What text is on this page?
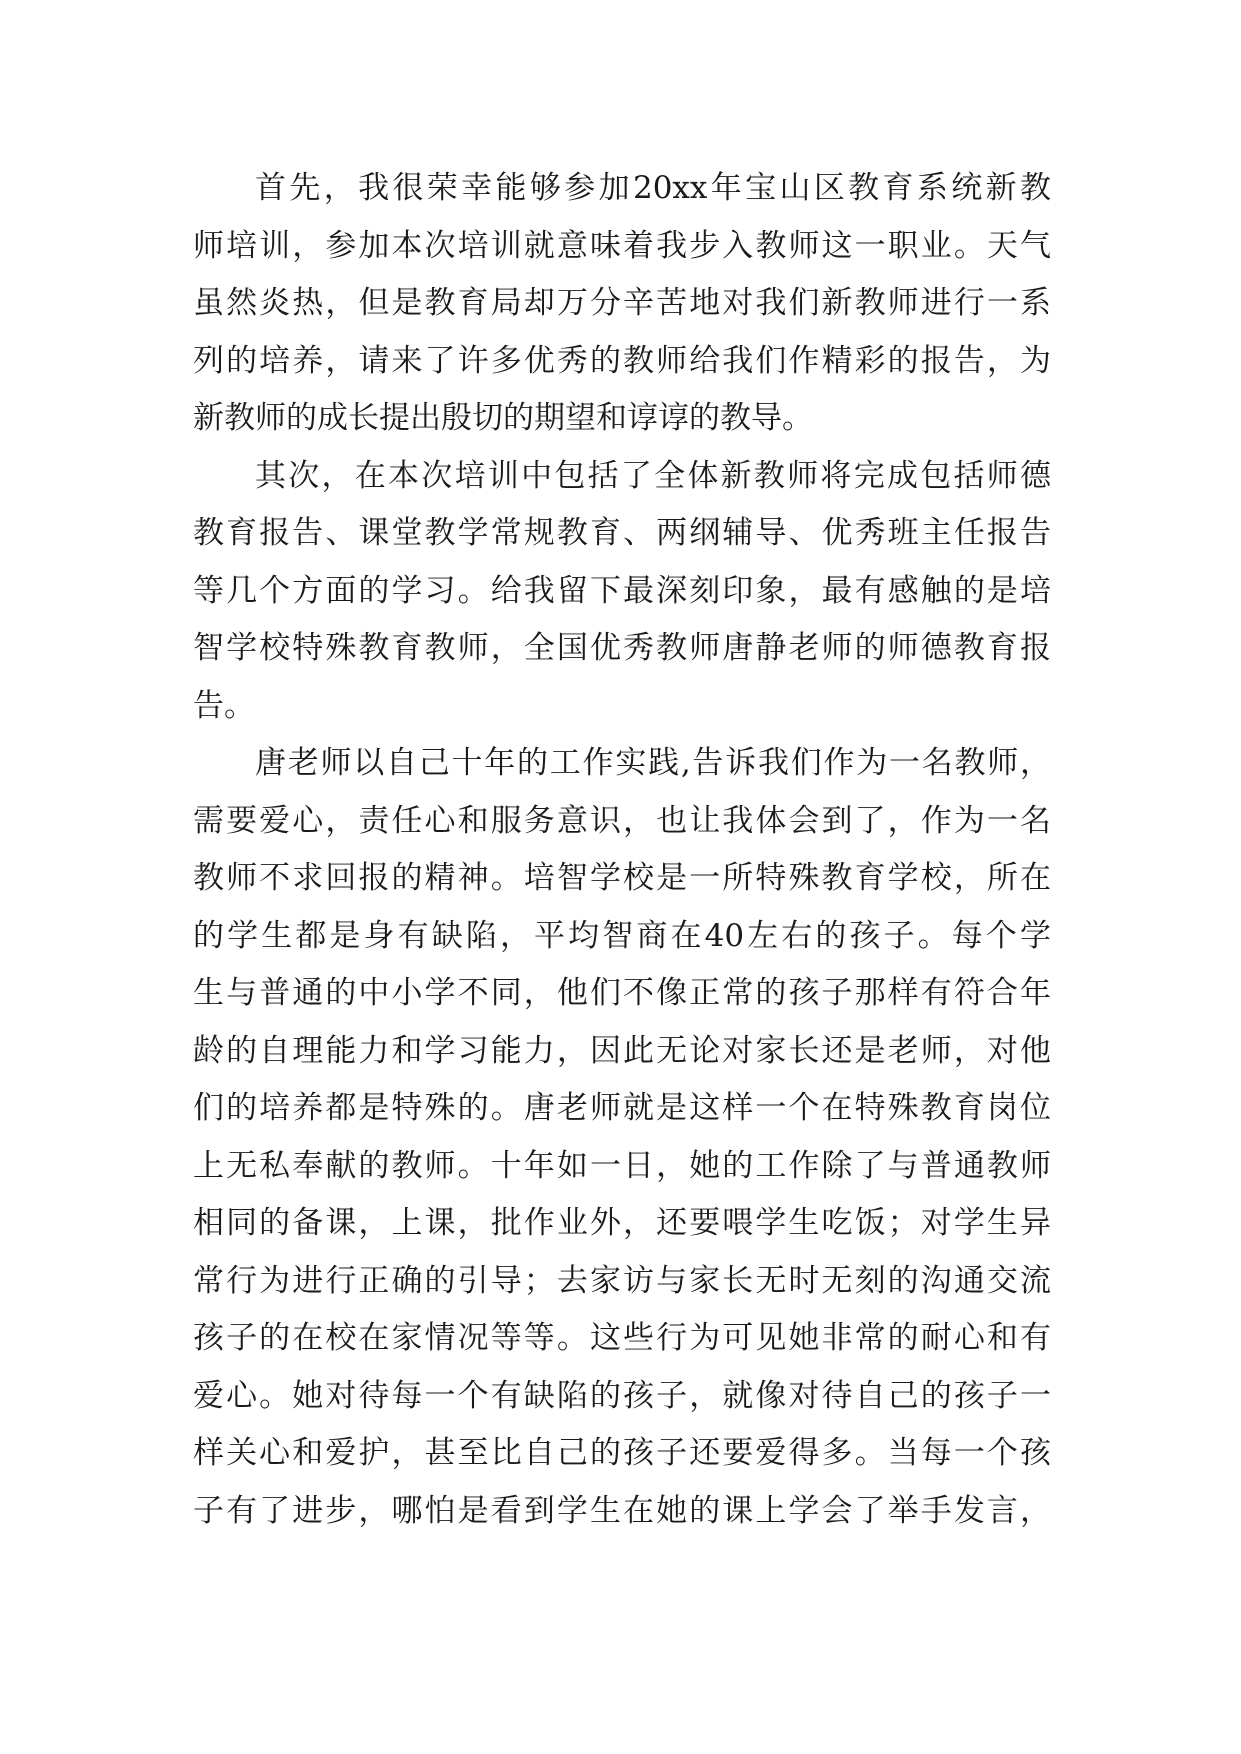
首先，我很荣幸能够参加20xx年宝山区教育系统新教
师培训，参加本次培训就意味着我步入教师这一职业。天气
虽然炎热，但是教育局却万分辛苦地对我们新教师进行一系
列的培养，请来了许多优秀的教师给我们作精彩的报告，为
新教师的成长提出殷切的期望和谆谆的教导。
其次，在本次培训中包括了全体新教师将完成包括师德
教育报告、课堂教学常规教育、两纲辅导、优秀班主任报告
等几个方面的学习。给我留下最深刻印象，最有感触的是培
智学校特殊教育教师，全国优秀教师唐静老师的师德教育报
告。
唐老师以自己十年的工作实践,告诉我们作为一名教师，
需要爱心，责任心和服务意识，也让我体会到了，作为一名
教师不求回报的精神。培智学校是一所特殊教育学校，所在
的学生都是身有缺陷，平均智商在40左右的孩子。每个学
生与普通的中小学不同，他们不像正常的孩子那样有符合年
龄的自理能力和学习能力，因此无论对家长还是老师，对他
们的培养都是特殊的。唐老师就是这样一个在特殊教育岗位
上无私奉献的教师。十年如一日，她的工作除了与普通教师
相同的备课，上课，批作业外，还要喂学生吃饭；对学生异
常行为进行正确的引导；去家访与家长无时无刻的沟通交流
孩子的在校在家情况等等。这些行为可见她非常的耐心和有
爱心。她对待每一个有缺陷的孩子，就像对待自己的孩子一
样关心和爱护，甚至比自己的孩子还要爱得多。当每一个孩
子有了进步，哪怕是看到学生在她的课上学会了举手发言，
